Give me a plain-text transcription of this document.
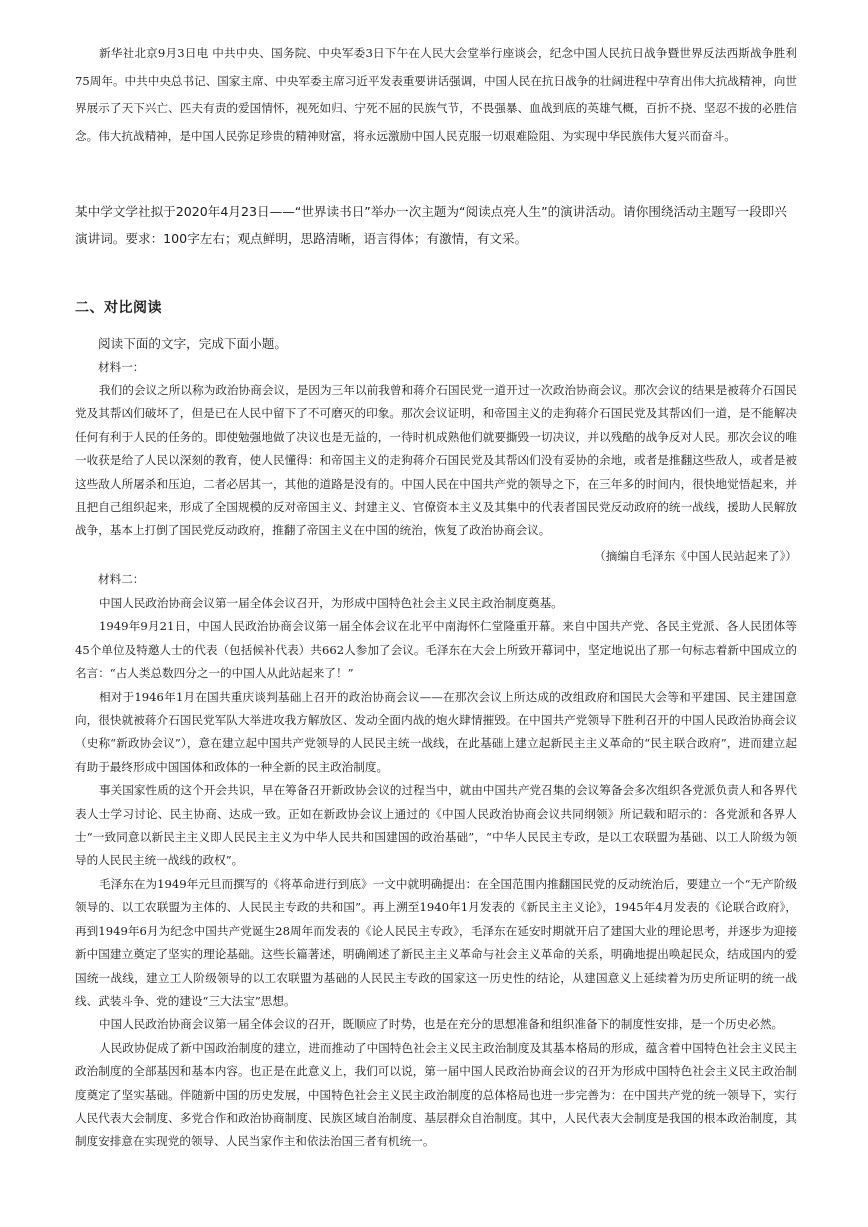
新华社北京9月3日电 中共中央、国务院、中央军委3日下午在人民大会堂举行座谈会，纪念中国人民抗日战争暨世界反法西斯战争胜利75周年。中共中央总书记、国家主席、中央军委主席习近平发表重要讲话强调，中国人民在抗日战争的壮阔进程中孕育出伟大抗战精神，向世界展示了天下兴亡、匹夫有责的爱国情怀，视死如归、宁死不屈的民族气节，不畏强暴、血战到底的英雄气概，百折不挠、坚忍不拔的必胜信念。伟大抗战精神，是中国人民弥足珍贵的精神财富，将永远激励中国人民克服一切艰难险阻、为实现中华民族伟大复兴而奋斗。

某中学文学社拟于2020年4月23日——“世界读书日”举办一次主题为“阅读点亮人生”的演讲活动。请你围绕活动主题写一段即兴演讲词。要求：100字左右；观点鲜明，思路清晰，语言得体；有激情，有文采。

二、对比阅读

阅读下面的文字，完成下面小题。

材料一：

我们的会议之所以称为政治协商会议，是因为三年以前我曾和蒋介石国民党一道开过一次政治协商会议。那次会议的结果是被蒋介石国民党及其帮凶们破坏了，但是已在人民中留下了不可磨灭的印象。那次会议证明，和帝国主义的走狗蒋介石国民党及其帮凶们一道，是不能解决任何有利于人民的任务的。即使勉强地做了决议也是无益的，一待时机成熟他们就要撕毁一切决议，并以残酷的战争反对人民。那次会议的唯一收获是给了人民以深刻的教育，使人民懂得：和帝国主义的走狗蒋介石国民党及其帮凶们没有妥协的余地，或者是推翻这些敌人，或者是被这些敌人所屠杀和压迫，二者必居其一，其他的道路是没有的。中国人民在中国共产党的领导之下，在三年多的时间内，很快地觉悟起来，并且把自己组织起来，形成了全国规模的反对帝国主义、封建主义、官僚资本主义及其集中的代表者国民党反动政府的统一战线，援助人民解放战争，基本上打倒了国民党反动政府，推翻了帝国主义在中国的统治，恢复了政治协商会议。

（摘编自毛泽东《中国人民站起来了》）

材料二：

中国人民政治协商会议第一届全体会议召开，为形成中国特色社会主义民主政治制度奠基。

1949年9月21日，中国人民政治协商会议第一届全体会议在北平中南海怀仁堂隆重开幕。来自中国共产党、各民主党派、各人民团体等45个单位及特邀人士的代表（包括候补代表）共662人参加了会议。毛泽东在大会上所致开幕词中，坚定地说出了那一句标志着新中国成立的名言：“占人类总数四分之一的中国人从此站起来了！”

相对于1946年1月在国共重庆谈判基础上召开的政治协商会议——在那次会议上所达成的改组政府和国民大会等和平建国、民主建国意向，很快就被蒋介石国民党军队大举进攻我方解放区、发动全面内战的炮火肆情摧毁。在中国共产党领导下胜利召开的中国人民政治协商会议（史称“新政协会议”），意在建立起中国共产党领导的人民民主统一战线，在此基础上建立起新民主主义革命的“民主联合政府”，进而建立起有助于最终形成中国国体和政体的一种全新的民主政治制度。

事关国家性质的这个开会共识，早在筹备召开新政协会议的过程当中，就由中国共产党召集的会议筹备会多次组织各党派负责人和各界代表人士学习讨论、民主协商、达成一致。正如在新政协会议上通过的《中国人民政治协商会议共同纲领》所记载和昭示的：各党派和各界人士“一致同意以新民主主义即人民民主主义为中华人民共和国建国的政治基础”，“中华人民民主专政，是以工农联盟为基础、以工人阶级为领导的人民民主统一战线的政权”。

毛泽东在为1949年元旦而撰写的《将革命进行到底》一文中就明确提出：在全国范围内推翻国民党的反动统治后，要建立一个“无产阶级领导的、以工农联盟为主体的、人民民主专政的共和国”。再上溯至1940年1月发表的《新民主主义论》，1945年4月发表的《论联合政府》，再到1949年6月为纪念中国共产党诞生28周年而发表的《论人民民主专政》，毛泽东在延安时期就开启了建国大业的理论思考，并逐步为迎接新中国建立奠定了坚实的理论基础。这些长篇著述，明确阐述了新民主主义革命与社会主义革命的关系，明确地提出唤起民众，结成国内的爱国统一战线，建立工人阶级领导的以工农联盟为基础的人民民主专政的国家这一历史性的结论，从建国意义上延续着为历史所证明的统一战线、武装斗争、党的建设“三大法宝”思想。

中国人民政治协商会议第一届全体会议的召开，既顺应了时势，也是在充分的思想准备和组织准备下的制度性安排，是一个历史必然。

人民政协促成了新中国政治制度的建立，进而推动了中国特色社会主义民主政治制度及其基本格局的形成，蕴含着中国特色社会主义民主政治制度的全部基因和基本内容。也正是在此意义上，我们可以说，第一届中国人民政治协商会议的召开为形成中国特色社会主义民主政治制度奠定了坚实基础。伴随新中国的历史发展，中国特色社会主义民主政治制度的总体格局也进一步完善为：在中国共产党的统一领导下，实行人民代表大会制度、多党合作和政治协商制度、民族区域自治制度、基层群众自治制度。其中，人民代表大会制度是我国的根本政治制度，其制度安排意在实现党的领导、人民当家作主和依法治国三者有机统一。
